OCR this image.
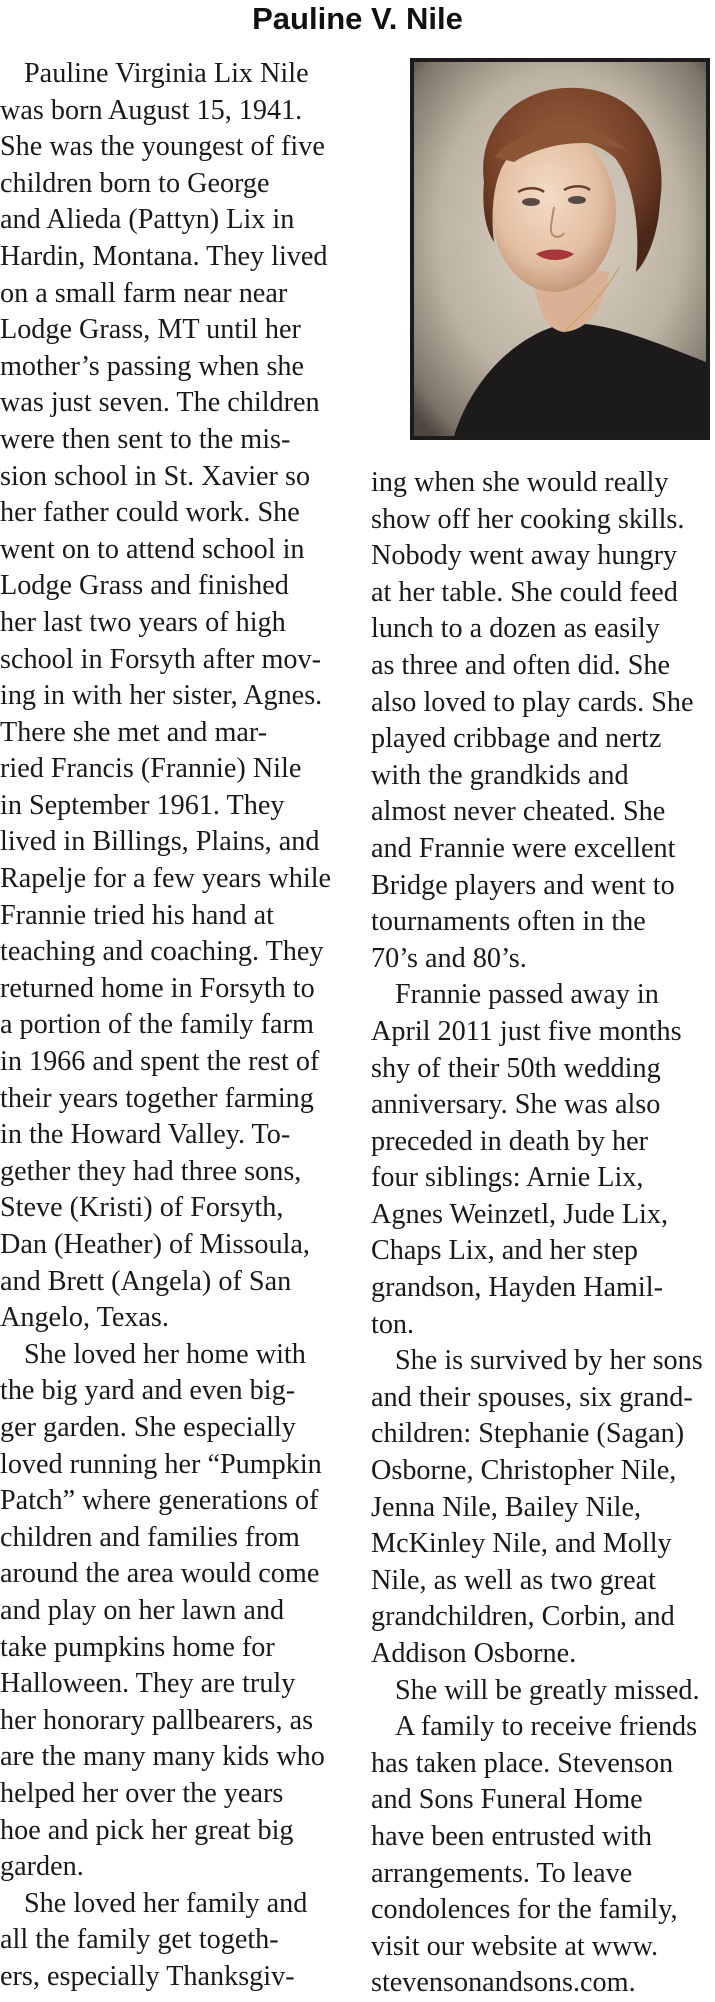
Pauline V. Nile
Pauline Virginia Lix Nile
was born August 15, 1941.
She was the youngest of five
children born to George
and Alieda (Pattyn) Lix in
Hardin, Montana. They lived
on a small farm near near
Lodge Grass, MT until her
mother’s passing when she
was just seven. The children
were then sent to the mis-
sion school in St. Xavier so
her father could work. She
went on to attend school in
Lodge Grass and finished
her last two years of high
school in Forsyth after mov-
ing in with her sister, Agnes.
There she met and mar-
ried Francis (Frannie) Nile
in September 1961. They
lived in Billings, Plains, and
Rapelje for a few years while
Frannie tried his hand at
teaching and coaching. They
returned home in Forsyth to
a portion of the family farm
in 1966 and spent the rest of
their years together farming
in the Howard Valley. To-
gether they had three sons,
Steve (Kristi) of Forsyth,
Dan (Heather) of Missoula,
and Brett (Angela) of San
Angelo, Texas.
She loved her home with
the big yard and even big-
ger garden. She especially
loved running her “Pumpkin
Patch” where generations of
children and families from
around the area would come
and play on her lawn and
take pumpkins home for
Halloween. They are truly
her honorary pallbearers, as
are the many many kids who
helped her over the years
hoe and pick her great big
garden.
She loved her family and
all the family get togeth-
ers, especially Thanksgiv-
ing when she would really
show off her cooking skills.
Nobody went away hungry
at her table. She could feed
lunch to a dozen as easily
as three and often did. She
also loved to play cards. She
played cribbage and nertz
with the grandkids and
almost never cheated. She
and Frannie were excellent
Bridge players and went to
tournaments often in the
70’s and 80’s.
Frannie passed away in
April 2011 just five months
shy of their 50th wedding
anniversary. She was also
preceded in death by her
four siblings: Arnie Lix,
Agnes Weinzetl, Jude Lix,
Chaps Lix, and her step
grandson, Hayden Hamil-
ton.
She is survived by her sons
and their spouses, six grand-
children: Stephanie (Sagan)
Osborne, Christopher Nile,
Jenna Nile, Bailey Nile,
McKinley Nile, and Molly
Nile, as well as two great
grandchildren, Corbin, and
Addison Osborne.
She will be greatly missed.
A family to receive friends
has taken place. Stevenson
and Sons Funeral Home
have been entrusted with
arrangements. To leave
condolences for the family,
visit our website at www.
stevensonandsons.com.
